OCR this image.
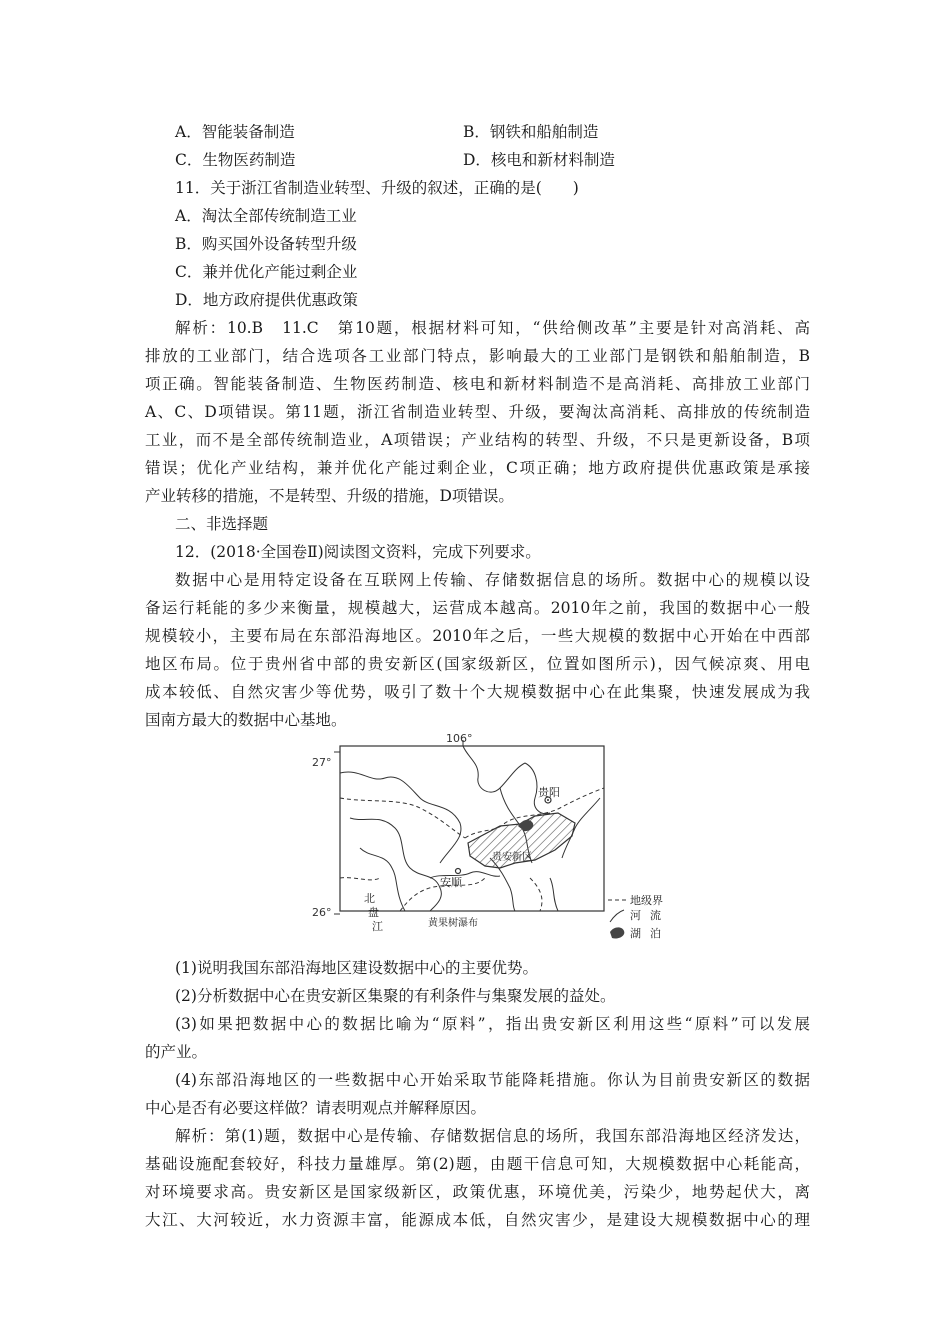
A．智能装备制造	B．钢铁和船舶制造
C．生物医药制造	D．核电和新材料制造
11．关于浙江省制造业转型、升级的叙述，正确的是(　　)
A．淘汰全部传统制造工业
B．购买国外设备转型升级
C．兼并优化产能过剩企业
D．地方政府提供优惠政策
解析：10.B　11.C　第10题，根据材料可知，“供给侧改革”主要是针对高消耗、高
排放的工业部门，结合选项各工业部门特点，影响最大的工业部门是钢铁和船舶制造，B
项正确。智能装备制造、生物医药制造、核电和新材料制造不是高消耗、高排放工业部门
A、C、D项错误。第11题，浙江省制造业转型、升级，要淘汰高消耗、高排放的传统制造
工业，而不是全部传统制造业，A项错误；产业结构的转型、升级，不只是更新设备，B项
错误；优化产业结构，兼并优化产能过剩企业，C项正确；地方政府提供优惠政策是承接
产业转移的措施，不是转型、升级的措施，D项错误。
二、非选择题
12．(2018·全国卷Ⅱ)阅读图文资料，完成下列要求。
数据中心是用特定设备在互联网上传输、存储数据信息的场所。数据中心的规模以设
备运行耗能的多少来衡量，规模越大，运营成本越高。2010年之前，我国的数据中心一般
规模较小，主要布局在东部沿海地区。2010年之后，一些大规模的数据中心开始在中西部
地区布局。位于贵州省中部的贵安新区(国家级新区，位置如图所示)，因气候凉爽、用电
成本较低、自然灾害少等优势，吸引了数十个大规模数据中心在此集聚，快速发展成为我
国南方最大的数据中心基地。
106°
27°
26°
贵阳
安顺
贵安新区
北
盘
江	黄果树瀑布
地级界
河 流
湖 泊
(1)说明我国东部沿海地区建设数据中心的主要优势。
(2)分析数据中心在贵安新区集聚的有利条件与集聚发展的益处。
(3)如果把数据中心的数据比喻为“原料”，指出贵安新区利用这些“原料”可以发展
的产业。
(4)东部沿海地区的一些数据中心开始采取节能降耗措施。你认为目前贵安新区的数据
中心是否有必要这样做？请表明观点并解释原因。
解析：第(1)题，数据中心是传输、存储数据信息的场所，我国东部沿海地区经济发达，
基础设施配套较好，科技力量雄厚。第(2)题，由题干信息可知，大规模数据中心耗能高，
对环境要求高。贵安新区是国家级新区，政策优惠，环境优美，污染少，地势起伏大，离
大江、大河较近，水力资源丰富，能源成本低，自然灾害少，是建设大规模数据中心的理
